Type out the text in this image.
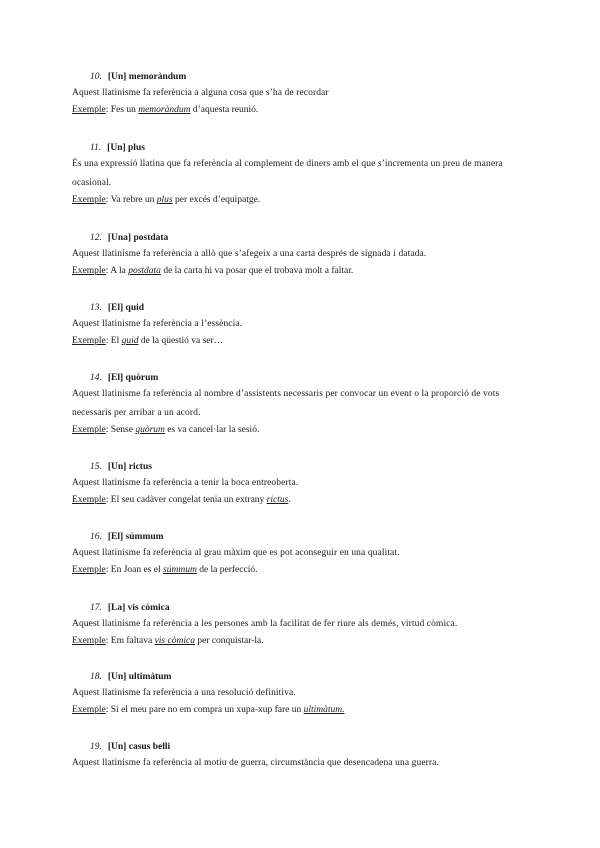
10. [Un] memoràndum

Aquest llatinisme fa referència a alguna cosa que s’ha de recordar

Exemple: Fes un memoràndum d’aquesta reunió.

11. [Un] plus

És una expressió llatina que fa referència al complement de diners amb el que s’incrementa un preu de manera ocasional.

Exemple: Va rebre un plus per excés d’equipatge.

12. [Una] postdata

Aquest llatinisme fa referència a allò que s’afegeix a una carta després de signada i datada.

Exemple: A la postdata de la carta hi va posar que el trobava molt a faltar.

13. [El] quid

Aquest llatinisme fa referència a l’essència.

Exemple: El quid de la qüestió va ser…

14. [El] quòrum

Aquest llatinisme fa referència al nombre d’assistents necessaris per convocar un event o la proporció de vots necessaris per arribar a un acord.

Exemple: Sense quòrum es va cancel·lar la sesió.

15. [Un] rictus

Aquest llatinisme fa referència a tenir la boca entreoberta.

Exemple: El seu cadàver congelat tenia un extrany rictus.

16. [El] súmmum

Aquest llatinisme fa referència al grau màxim que es pot aconseguir en una qualitat.

Exemple: En Joan es el súmmum de la perfecció.

17. [La] vis còmica

Aquest llatinisme fa referència a les persones amb la facilitat de fer riure als demés, virtud còmica.

Exemple: Em faltava vis còmica per conquistar-la.

18. [Un] ultimàtum

Aquest llatinisme fa referència a una resolució definitiva.

Exemple: Si el meu pare no em compra un xupa-xup fare un ultimàtum.

19. [Un] casus belli

Aquest llatinisme fa referència al motiu de guerra, circumstància que desencadena una guerra.
